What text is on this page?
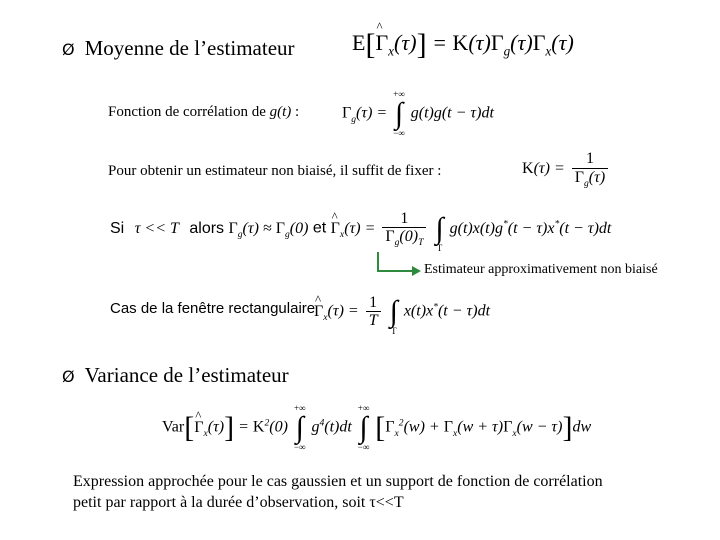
Ø Moyenne de l’estimateur	E[^ $\Gamma_x(\tau)] = K(\tau)\Gamma_g(\tau)\Gamma_x(\tau)$
Fonction de corrélation de g(t) :	$\Gamma_g(\tau)$ =
+∞
∫
−∞
g(t)g(t − τ)dt
Pour obtenir un estimateur non biaisé, il suffit de fixer :	$K(\tau) = \frac{1}{\Gamma_g(\tau)}$
Si τ << T alors $\Gamma_g(\tau) \approx \Gamma_g(0)$ et ^ $\Gamma_x(\tau) = \frac{1}{\Gamma_g(0)_T}$

∫
T
g(t)x(t)g*(t − τ)x*(t − τ)dt
Estimateur approximativement non biaisé
Cas de la fenêtre rectangulaire
^ $\Gamma_x(\tau) = \frac{1}{T}$

∫
T
x(t)x*(t − τ)dt
Ø Variance de l’estimateur
Var[^ $\Gamma_x(\tau)] = K^2(0)$
+∞
∫
−∞
$g^4(t)dt$
+∞
∫
−∞
$[\Gamma_x^2(w) + \Gamma_x(w + \tau)\Gamma_x(w - \tau)]dw$
Expression approchée pour le cas gaussien et un support de fonction de corrélation
petit par rapport à la durée d’observation, soit τ<<T
